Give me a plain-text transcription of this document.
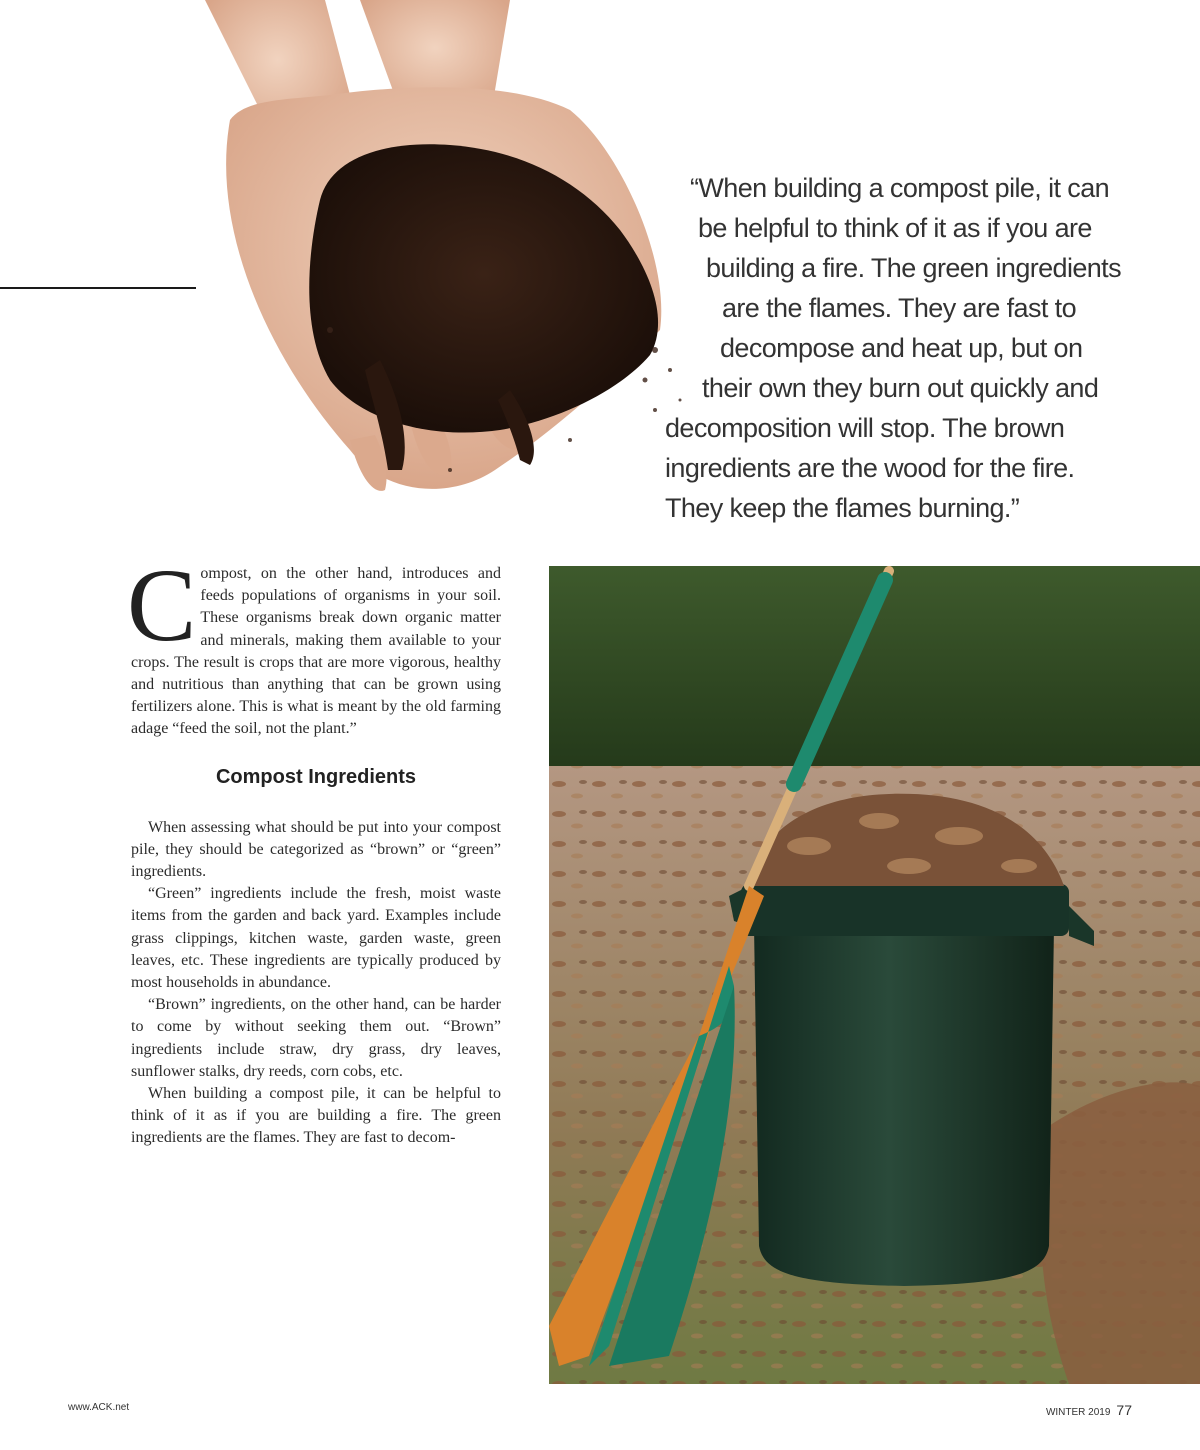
“When building a compost pile, it can
be helpful to think of it as if you are
building a fire. The green ingredients
are the flames. They are fast to
decompose and heat up, but on
their own they burn out quickly and
decomposition will stop. The brown
ingredients are the wood for the fire.
They keep the flames burning.”

Compost, on the other hand, introduces and feeds populations of organisms in your soil. These organisms break down organic matter and minerals, making them available to your crops. The result is crops that are more vigorous, healthy and nutritious than anything that can be grown using fertilizers alone. This is what is meant by the old farming adage “feed the soil, not the plant.”

Compost Ingredients

When assessing what should be put into your compost pile, they should be categorized as “brown” or “green” ingredients.

“Green” ingredients include the fresh, moist waste items from the garden and back yard. Examples include grass clippings, kitchen waste, garden waste, green leaves, etc. These ingredients are typically produced by most households in abundance.

“Brown” ingredients, on the other hand, can be harder to come by without seeking them out. “Brown” ingredients include straw, dry grass, dry leaves, sunflower stalks, dry reeds, corn cobs, etc.

When building a compost pile, it can be helpful to think of it as if you are building a fire. The green ingredients are the flames. They are fast to decom-

www.ACK.net	WINTER 2019 77
